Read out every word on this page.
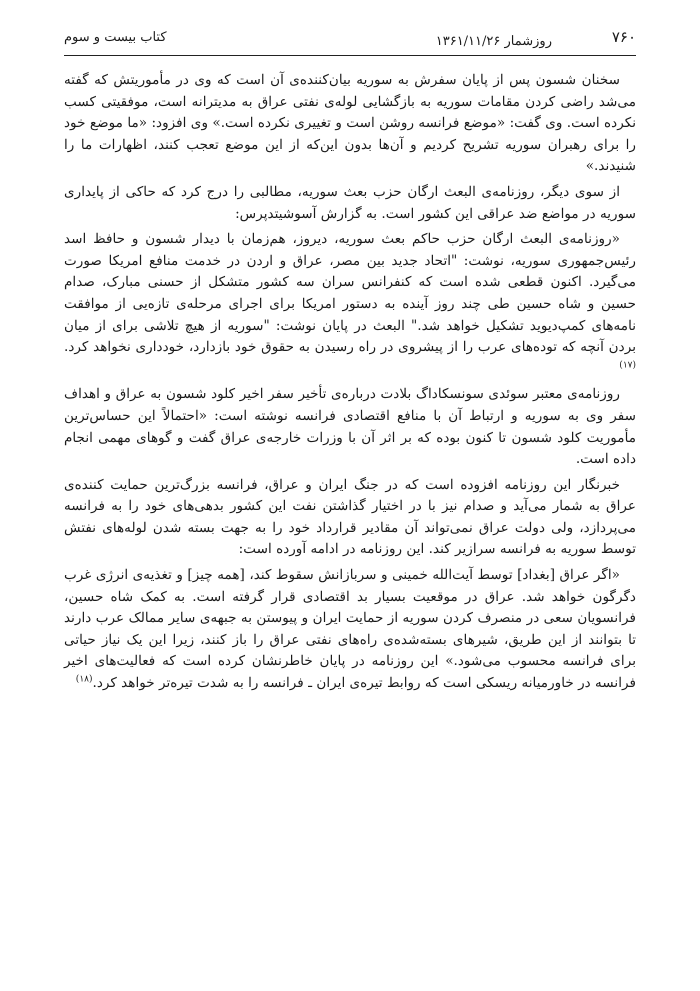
۷۶۰
روزشمار ۱۳۶۱/۱۱/۲۶
کتاب بیست و سوم

سخنان شسون پس از پایان سفرش به سوریه بیان‌کننده‌ی آن است که وی در مأموریتش که گفته می‌شد راضی کردن مقامات سوریه به بازگشایی لوله‌ی نفتی عراق به مدیترانه است، موفقیتی کسب نکرده است. وی گفت: «موضع فرانسه روشن است و تغییری نکرده است.» وی افزود: «ما موضع خود را برای رهبران سوریه تشریح کردیم و آن‌ها بدون این‌که از این موضع تعجب کنند، اظهارات ما را شنیدند.»

از سوی دیگر، روزنامه‌ی البعث ارگان حزب بعث سوریه، مطالبی را درج کرد که حاکی از پایداری سوریه در مواضع ضد عراقی این کشور است. به گزارش آسوشیتدپرس:

«روزنامه‌ی البعث ارگان حزب حاکم بعث سوریه، دیروز، هم‌زمان با دیدار شسون و حافظ اسد رئیس‌جمهوری سوریه، نوشت: "اتحاد جدید بین مصر، عراق و اردن در خدمت منافع امریکا صورت می‌گیرد. اکنون قطعی شده است که کنفرانس سران سه کشور متشکل از حسنی مبارک، صدام حسین و شاه حسین طی چند روز آینده به دستور امریکا برای اجرای مرحله‌ی تازه‌یی از موافقت نامه‌های کمپ‌دیوید تشکیل خواهد شد." البعث در پایان نوشت: "سوریه از هیچ تلاشی برای از میان بردن آنچه که توده‌های عرب را از پیشروی در راه رسیدن به حقوق خود بازدارد، خودداری نخواهد کرد.$^{(۱۷)}$

روزنامه‌ی معتبر سوئدی سونسکاداگ بلادت درباره‌ی تأخیر سفر اخیر کلود شسون به عراق و اهداف سفر وی به سوریه و ارتباط آن با منافع اقتصادی فرانسه نوشته است: «احتمالاً این حساس‌ترین مأموریت کلود شسون تا کنون بوده که بر اثر آن با وزرات خارجه‌ی عراق گفت و گوهای مهمی انجام داده است.

خبرنگار این روزنامه افزوده است که در جنگ ایران و عراق، فرانسه بزرگ‌ترین حمایت کننده‌ی عراق به شمار می‌آید و صدام نیز با در اختیار گذاشتن نفت این کشور بدهی‌های خود را به فرانسه می‌پردازد، ولی دولت عراق نمی‌تواند آن مقادیر قرارداد خود را به جهت بسته شدن لوله‌های نفتش توسط سوریه به فرانسه سرازیر کند. این روزنامه در ادامه آورده است:

«اگر عراق [بغداد] توسط آیت‌الله خمینی و سربازانش سقوط کند، [همه چیز] و تغذیه‌ی انرژی غرب دگرگون خواهد شد. عراق در موقعیت بسیار بد اقتصادی قرار گرفته است. به کمک شاه حسین، فرانسویان سعی در منصرف کردن سوریه از حمایت ایران و پیوستن به جبهه‌ی سایر ممالک عرب دارند تا بتوانند از این طریق، شیرهای بسته‌شده‌ی راه‌های نفتی عراق را باز کنند، زیرا این یک نیاز حیاتی برای فرانسه محسوب می‌شود.» این روزنامه در پایان خاطرنشان کرده است که فعالیت‌های اخیر فرانسه در خاورمیانه ریسکی است که روابط تیره‌ی ایران ـ فرانسه را به شدت تیره‌تر خواهد کرد.$^{(۱۸)}$
